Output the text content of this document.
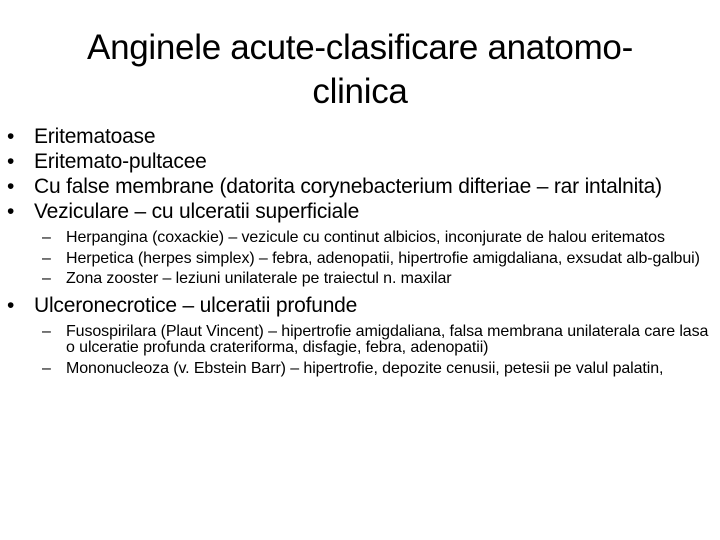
Anginele acute-clasificare anatomo-
clinica
• Eritematoase
• Eritemato-pultacee
• Cu false membrane (datorita corynebacterium difteriae – rar intalnita)
• Veziculare – cu ulceratii superficiale
– Herpangina (coxackie) – vezicule cu continut albicios, inconjurate de halou eritematos
– Herpetica (herpes simplex) – febra, adenopatii, hipertrofie amigdaliana, exsudat alb-galbui)
– Zona zooster – leziuni unilaterale pe traiectul n. maxilar
• Ulceronecrotice – ulceratii profunde
– Fusospirilara (Plaut Vincent) – hipertrofie amigdaliana, falsa membrana unilaterala care lasa o ulceratie profunda crateriforma, disfagie, febra, adenopatii)
– Mononucleoza (v. Ebstein Barr) – hipertrofie, depozite cenusii, petesii pe valul palatin,
